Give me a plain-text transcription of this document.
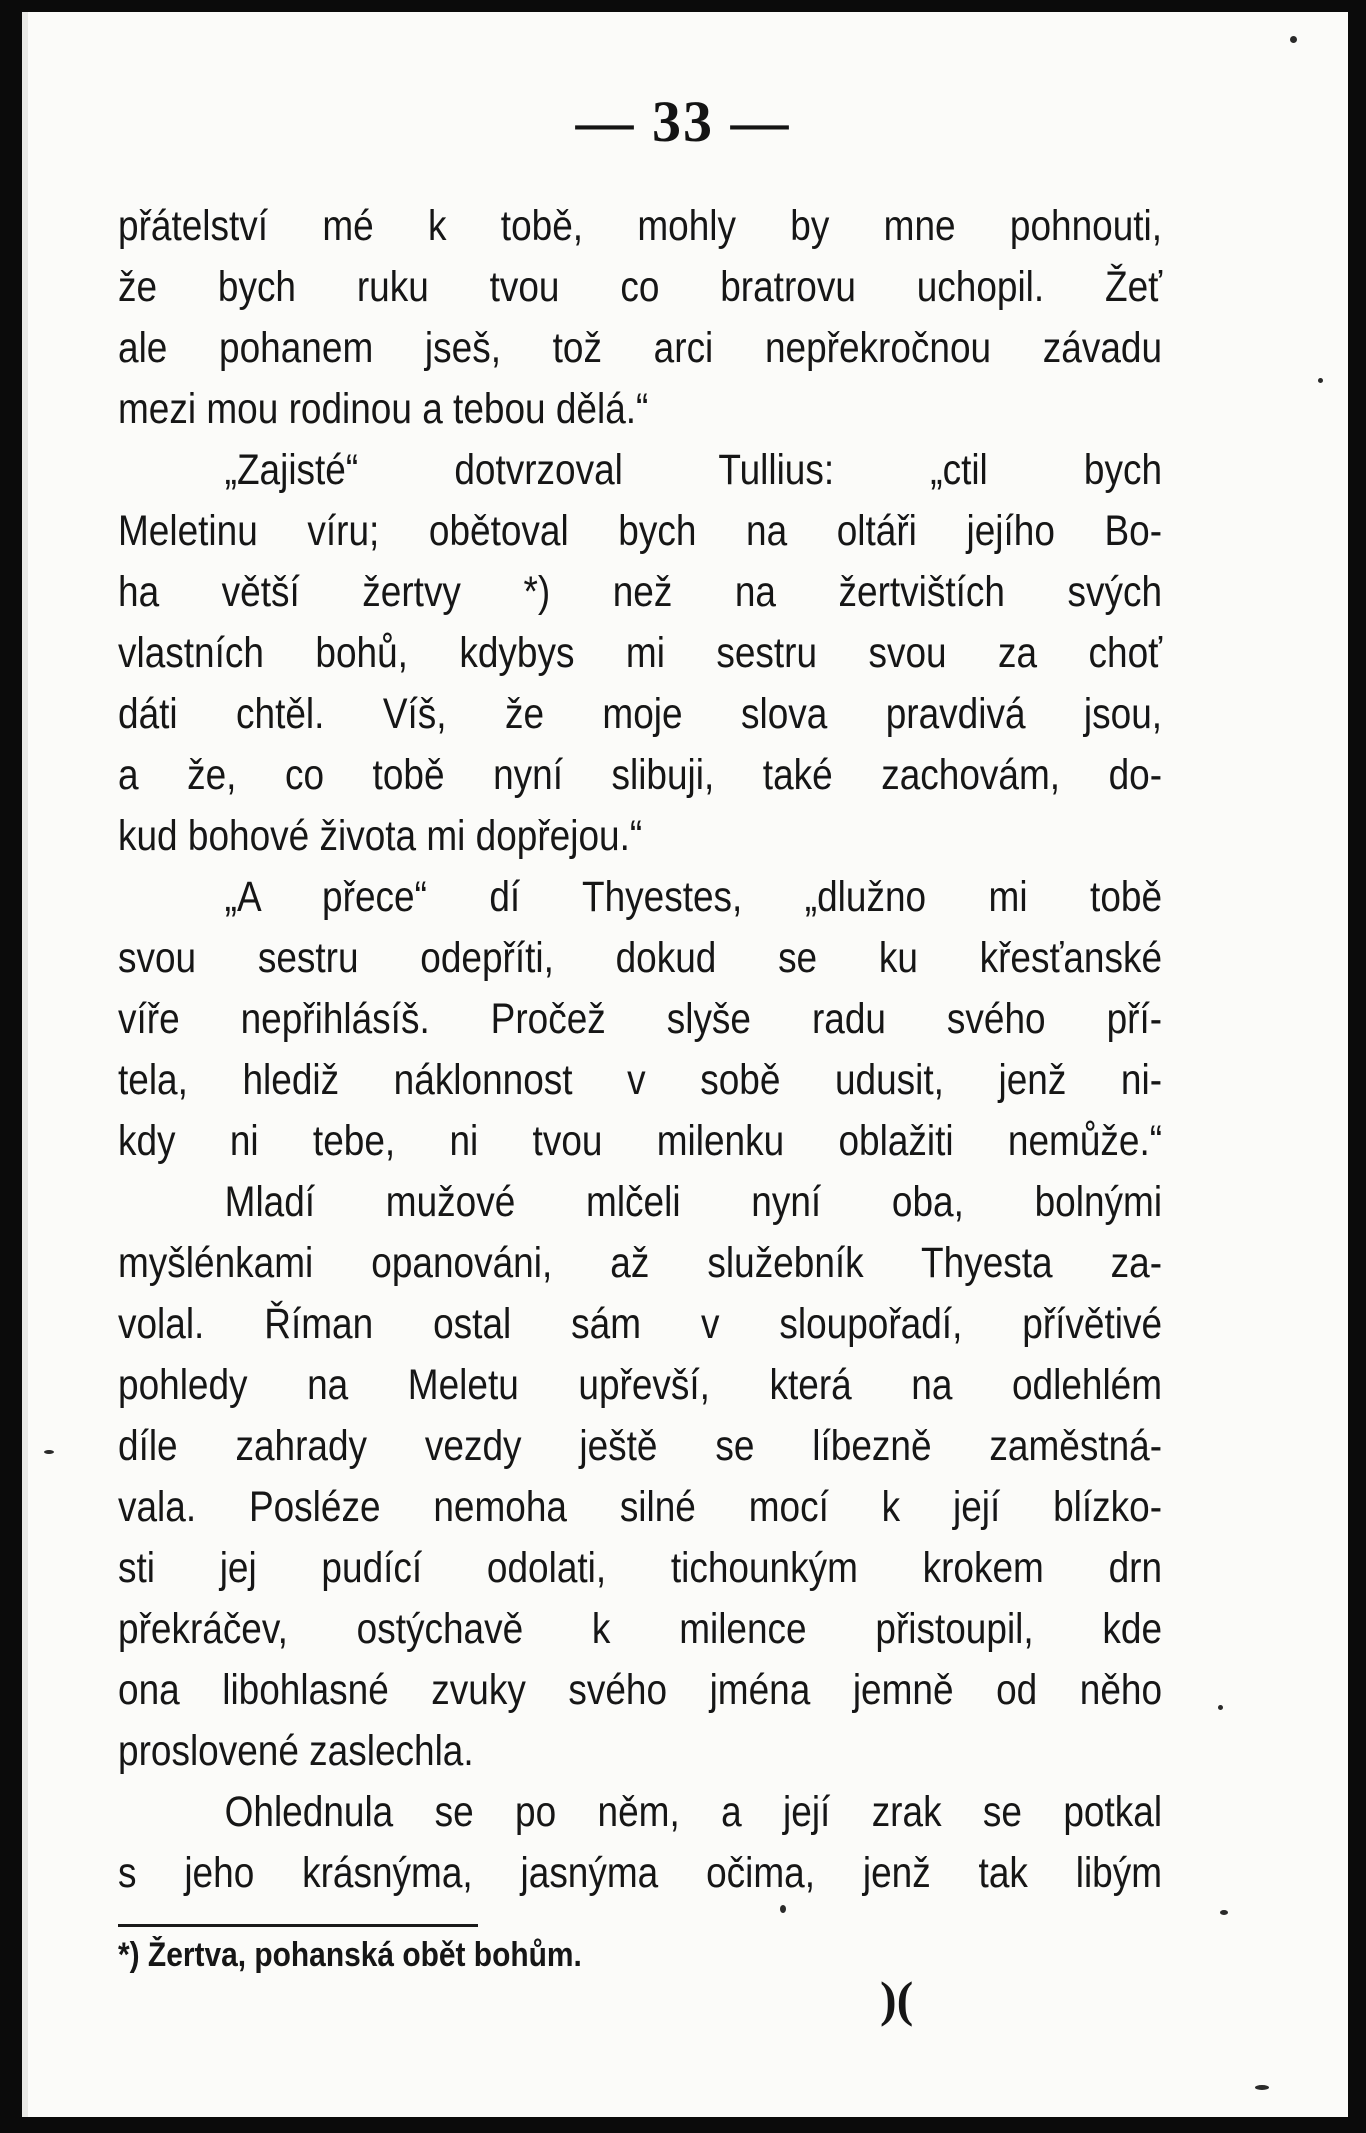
— 33 —
přátelství mé k tobě, mohly by mne pohnouti,
že bych ruku tvou co bratrovu uchopil. Žeť
ale pohanem jseš, tož arci nepřekročnou závadu
mezi mou rodinou a tebou dělá.“
„Zajisté“ dotvrzoval Tullius: „ctil bych
Meletinu víru; obětoval bych na oltáři jejího Bo-
ha větší žertvy *) než na žertvištích svých
vlastních bohů, kdybys mi sestru svou za choť
dáti chtěl. Víš, že moje slova pravdivá jsou,
a že, co tobě nyní slibuji, také zachovám, do-
kud bohové života mi dopřejou.“
„A přece“ dí Thyestes, „dlužno mi tobě
svou sestru odepříti, dokud se ku křesťanské
víře nepřihlásíš. Pročež slyše radu svého pří-
tela, hlediž náklonnost v sobě udusit, jenž ni-
kdy ni tebe, ni tvou milenku oblažiti nemůže.“
Mladí mužové mlčeli nyní oba, bolnými
myšlénkami opanováni, až služebník Thyesta za-
volal. Říman ostal sám v sloupořadí, přívětivé
pohledy na Meletu upřevší, která na odlehlém
díle zahrady vezdy ještě se líbezně zaměstná-
vala. Posléze nemoha silné mocí k její blízko-
sti jej pudící odolati, tichounkým krokem drn
překráčev, ostýchavě k milence přistoupil, kde
ona libohlasné zvuky svého jména jemně od něho
proslovené zaslechla.
Ohlednula se po něm, a její zrak se potkal
s jeho krásnýma, jasnýma očima, jenž tak libým
*) Žertva, pohanská obět bohům.
)(
